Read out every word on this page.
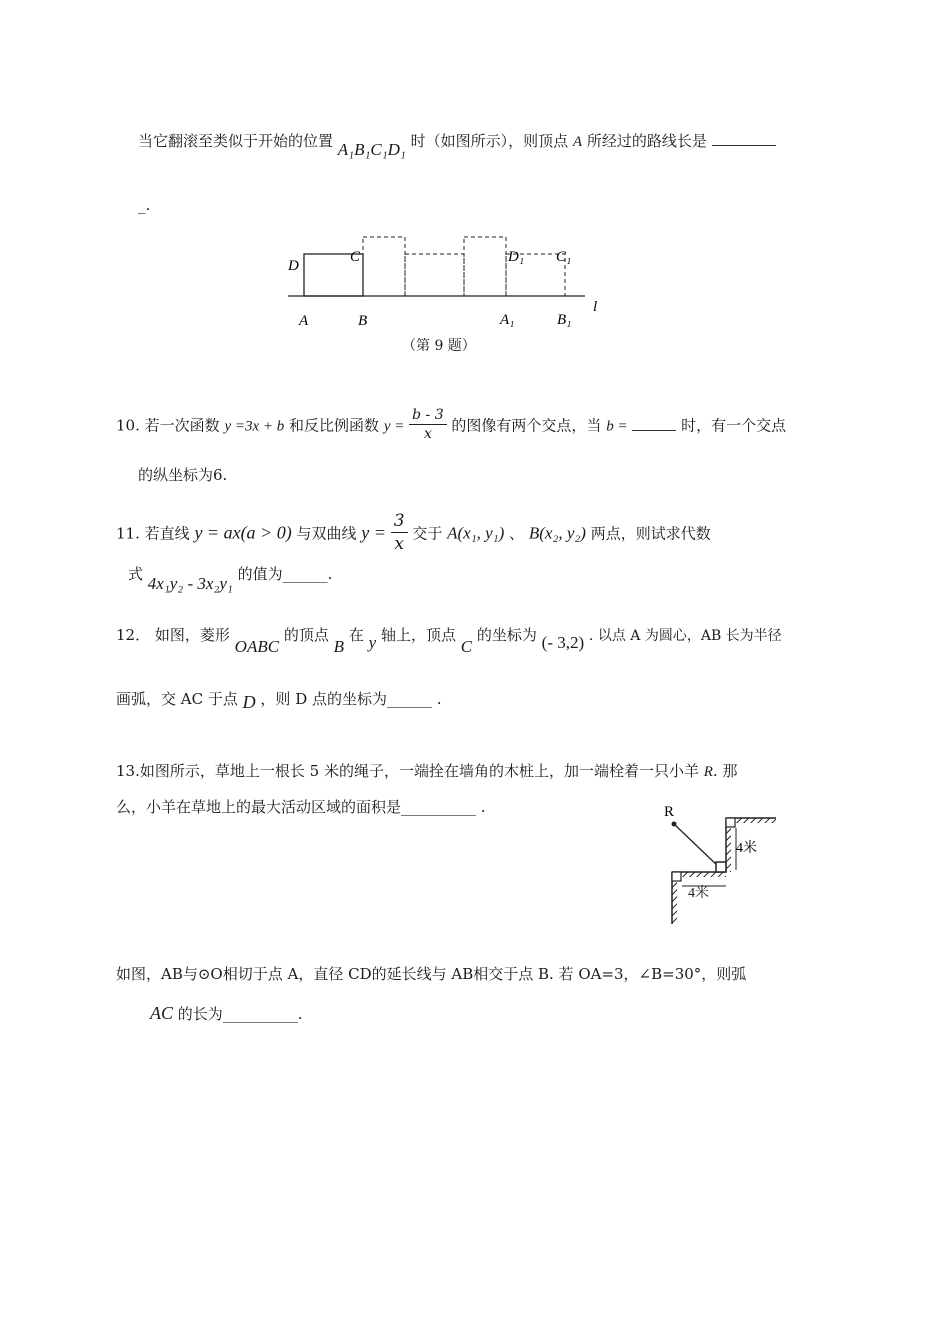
当它翻滚至类似于开始的位置 A₁B₁C₁D₁ 时（如图所示），则顶点 A 所经过的路线长是
_.
D
C	D₁ C₁
A	B	A₁	B₁
l
（第 9 题）
10. 若一次函数 y =3x + b 和反比例函数 $y = \frac{b - 3}{x}$ 的图像有两个交点，当 b =	时，有一个交点
的纵坐标为6.
11. 若直线 y = ax(a > 0) 与双曲线 $y = \frac{3}{x}$ 交于 A(x₁, y₁) 、 B(x₂, y₂) 两点，则试求代数
式 4x₁y₂ - 3x₂y₁ 的值为______.
12． 如图，菱形 OABC 的顶点 B 在 y 轴上，顶点 C 的坐标为 (- 3,2) . 以点 A 为圆心，AB 长为半径
画弧，交 AC 于点 D ，则 D 点的坐标为______ .
13.如图所示，草地上一根长 5 米的绳子，一端拴在墙角的木桩上，加一端栓着一只小羊 R. 那
么，小羊在草地上的最大活动区域的面积是__________ .	R
4米
4米
如图，AB与⊙O相切于点 A，直径 CD的延长线与 AB相交于点 B. 若 OA=3，∠B=30°，则弧
AC 的长为__________.
